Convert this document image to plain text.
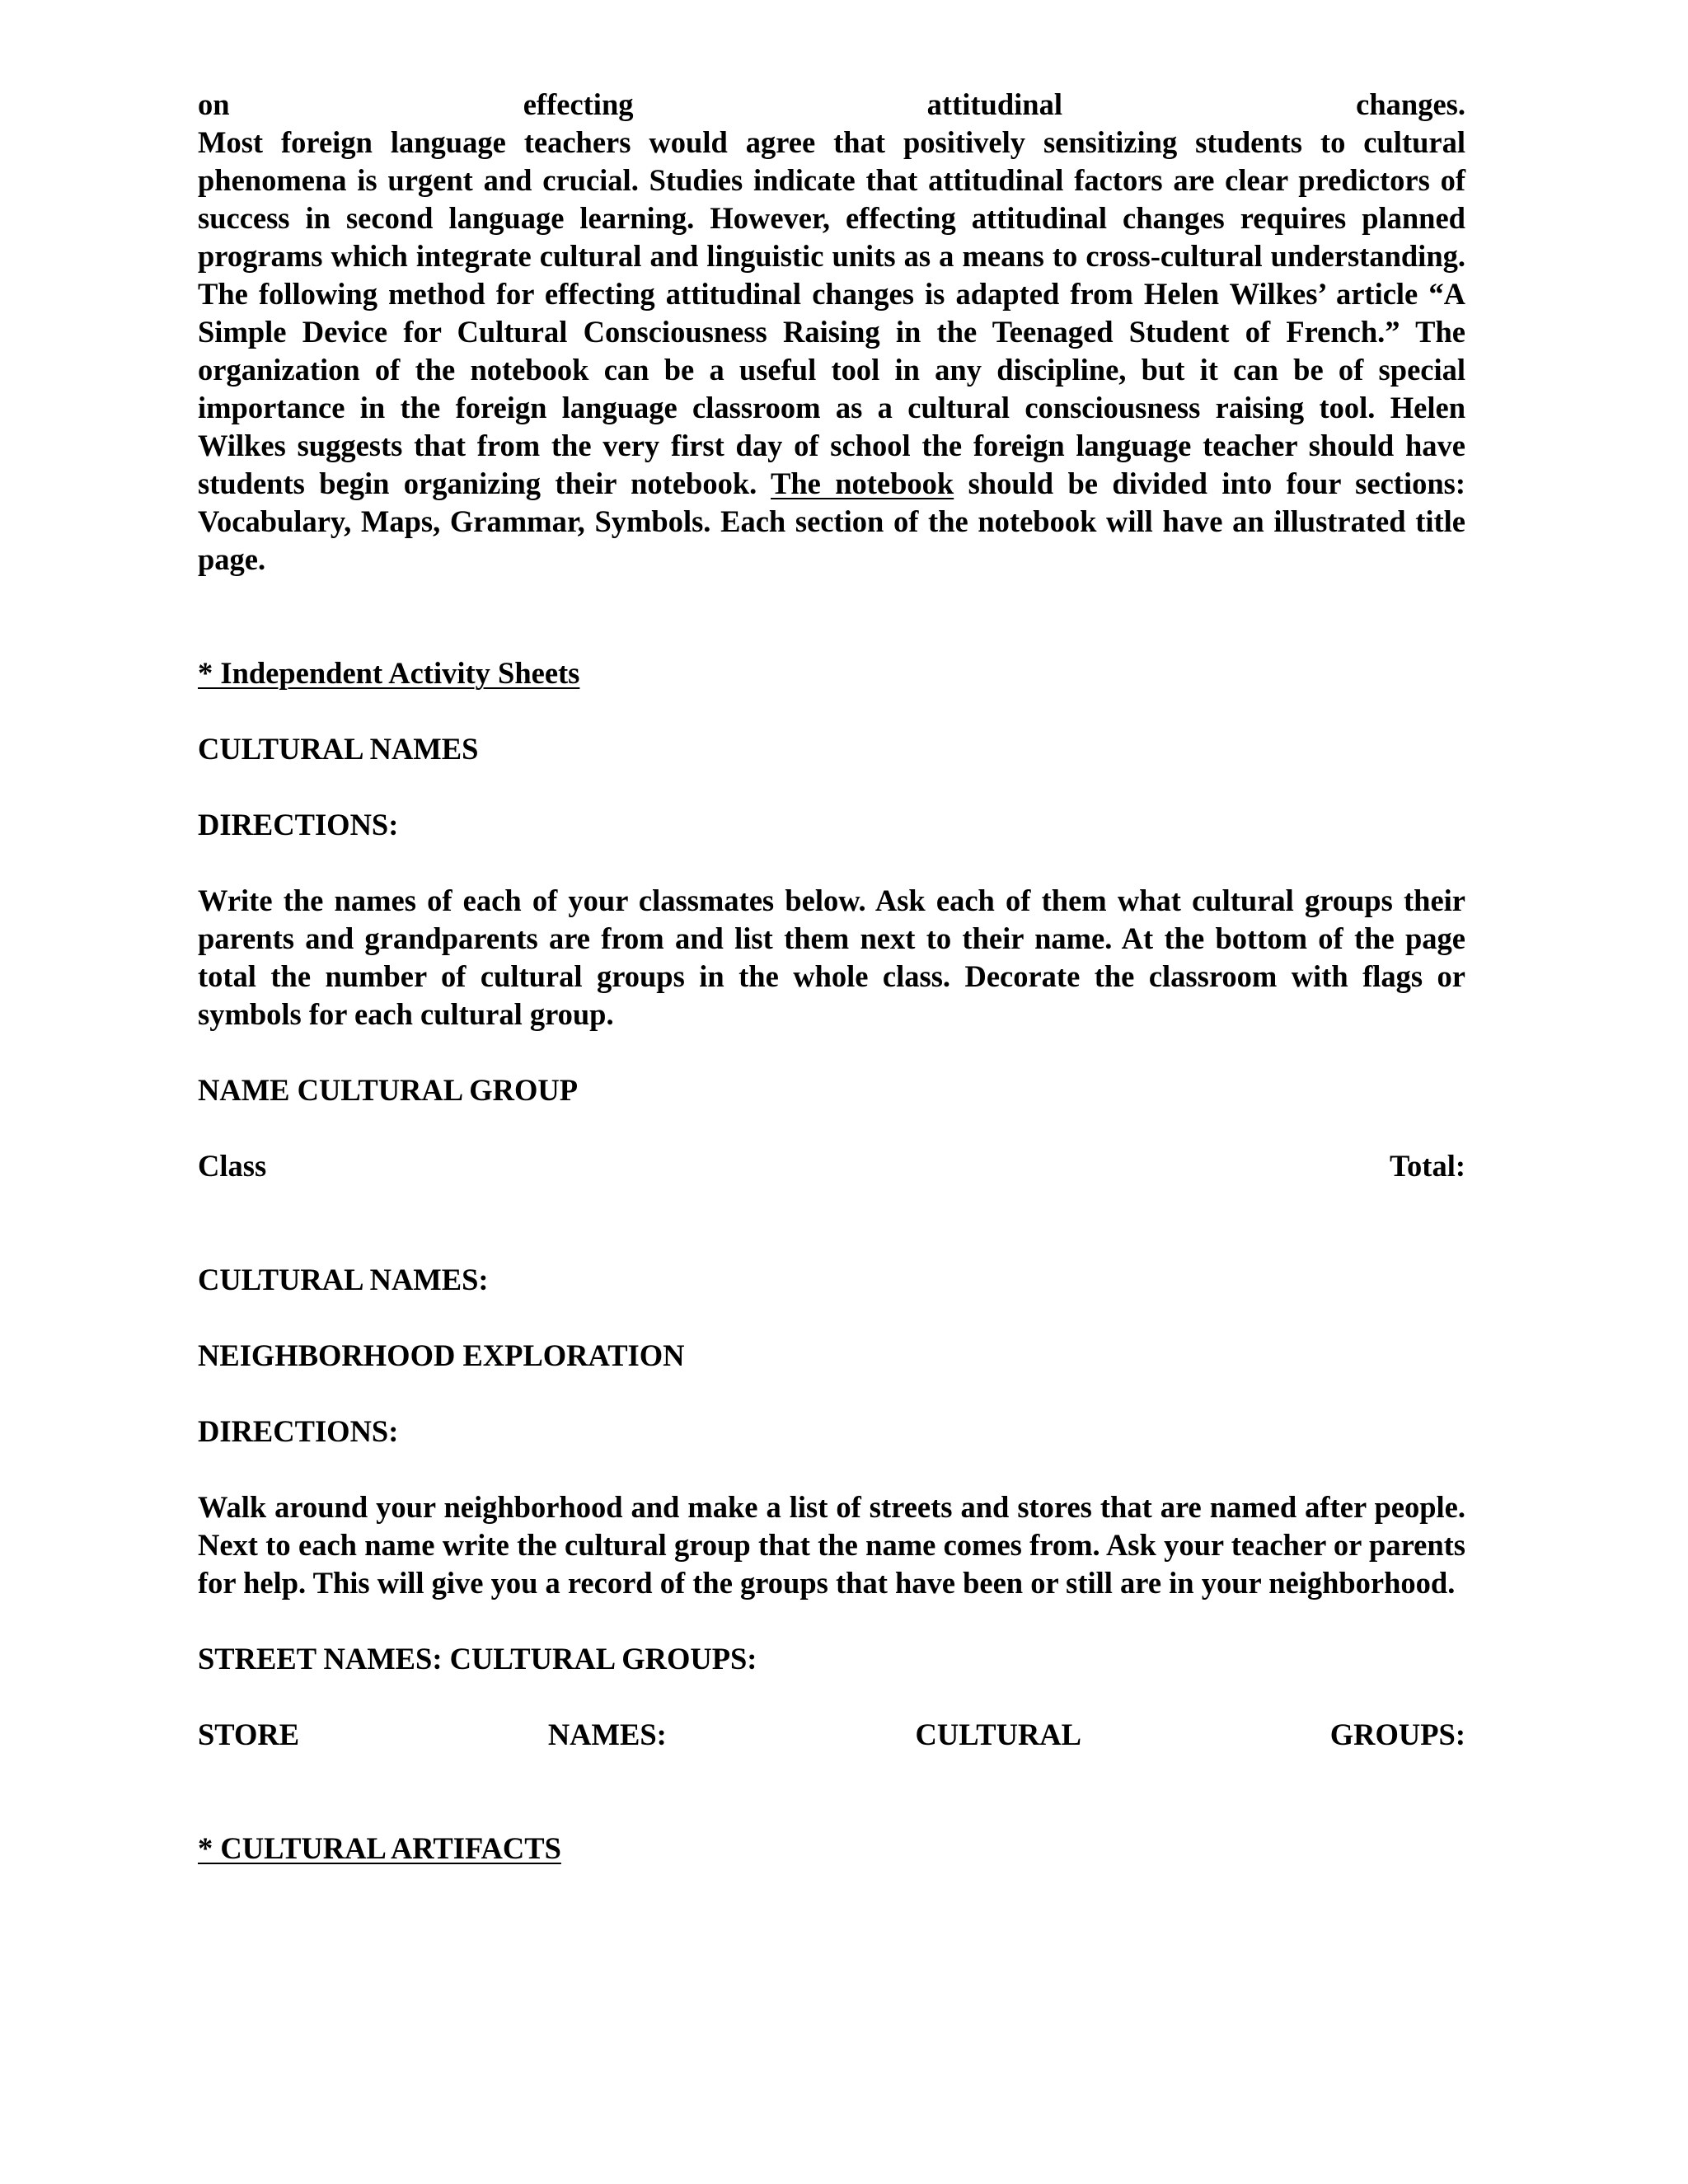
on	effecting	attitudinal	changes.

Most foreign language teachers would agree that positively sensitizing students to cultural phenomena is urgent and crucial. Studies indicate that attitudinal factors are clear predictors of success in second language learning. However, effecting attitudinal changes requires planned programs which integrate cultural and linguistic units as a means to cross-cultural understanding. The following method for effecting attitudinal changes is adapted from Helen Wilkes’ article “A Simple Device for Cultural Consciousness Raising in the Teenaged Student of French.” The organization of the notebook can be a useful tool in any discipline, but it can be of special importance in the foreign language classroom as a cultural consciousness raising tool. Helen Wilkes suggests that from the very first day of school the foreign language teacher should have students begin organizing their notebook. The notebook should be divided into four sections: Vocabulary, Maps, Grammar, Symbols. Each section of the notebook will have an illustrated title page.

* Independent Activity Sheets

CULTURAL NAMES

DIRECTIONS:

Write the names of each of your classmates below. Ask each of them what cultural groups their parents and grandparents are from and list them next to their name. At the bottom of the page total the number of cultural groups in the whole class. Decorate the classroom with flags or symbols for each cultural group.

NAME CULTURAL GROUP

Class	Total:

CULTURAL NAMES:

NEIGHBORHOOD EXPLORATION

DIRECTIONS:

Walk around your neighborhood and make a list of streets and stores that are named after people. Next to each name write the cultural group that the name comes from. Ask your teacher or parents for help. This will give you a record of the groups that have been or still are in your neighborhood.

STREET NAMES: CULTURAL GROUPS:

STORE	NAMES:	CULTURAL	GROUPS:

* CULTURAL ARTIFACTS
